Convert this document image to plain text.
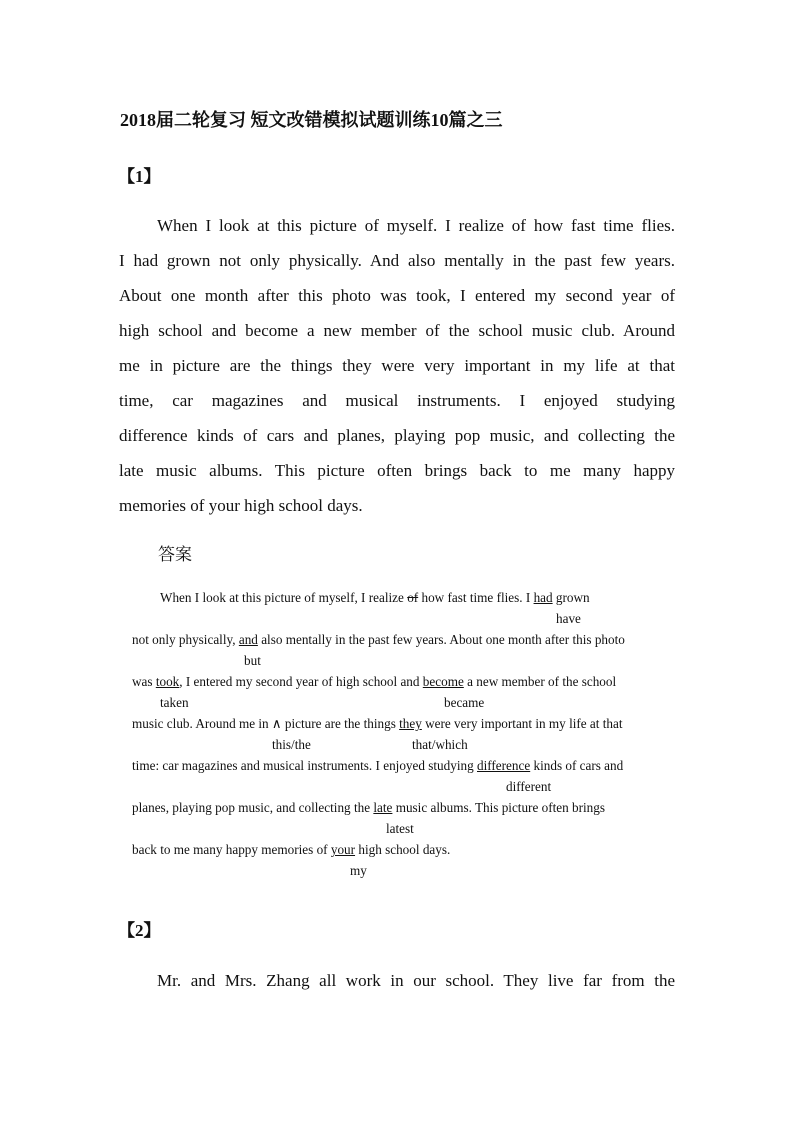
2018届二轮复习 短文改错模拟试题训练10篇之三
【1】
When I look at this picture of myself. I realize of how fast time flies.
I had grown not only physically. And also mentally in the past few years.
About one month after this photo was took, I entered my second year of
high school and become a new member of the school music club. Around
me in picture are the things they were very important in my life at that
time, car magazines and musical instruments. I enjoyed studying
difference kinds of cars and planes, playing pop music, and collecting the
late music albums. This picture often brings back to me many happy
memories of your high school days.
答案
When I look at this picture of myself, I realize of how fast time flies. I had grown
have
not only physically, and also mentally in the past few years. About one month after this photo
but
was took, I entered my second year of high school and become a new member of the school
taken	became
music club. Around me in ∧ picture are the things they were very important in my life at that
this/the	that/which
time: car magazines and musical instruments. I enjoyed studying difference kinds of cars and
different
planes, playing pop music, and collecting the late music albums. This picture often brings
latest
back to me many happy memories of your high school days.
my
【2】
Mr. and Mrs. Zhang all work in our school. They live far from the
